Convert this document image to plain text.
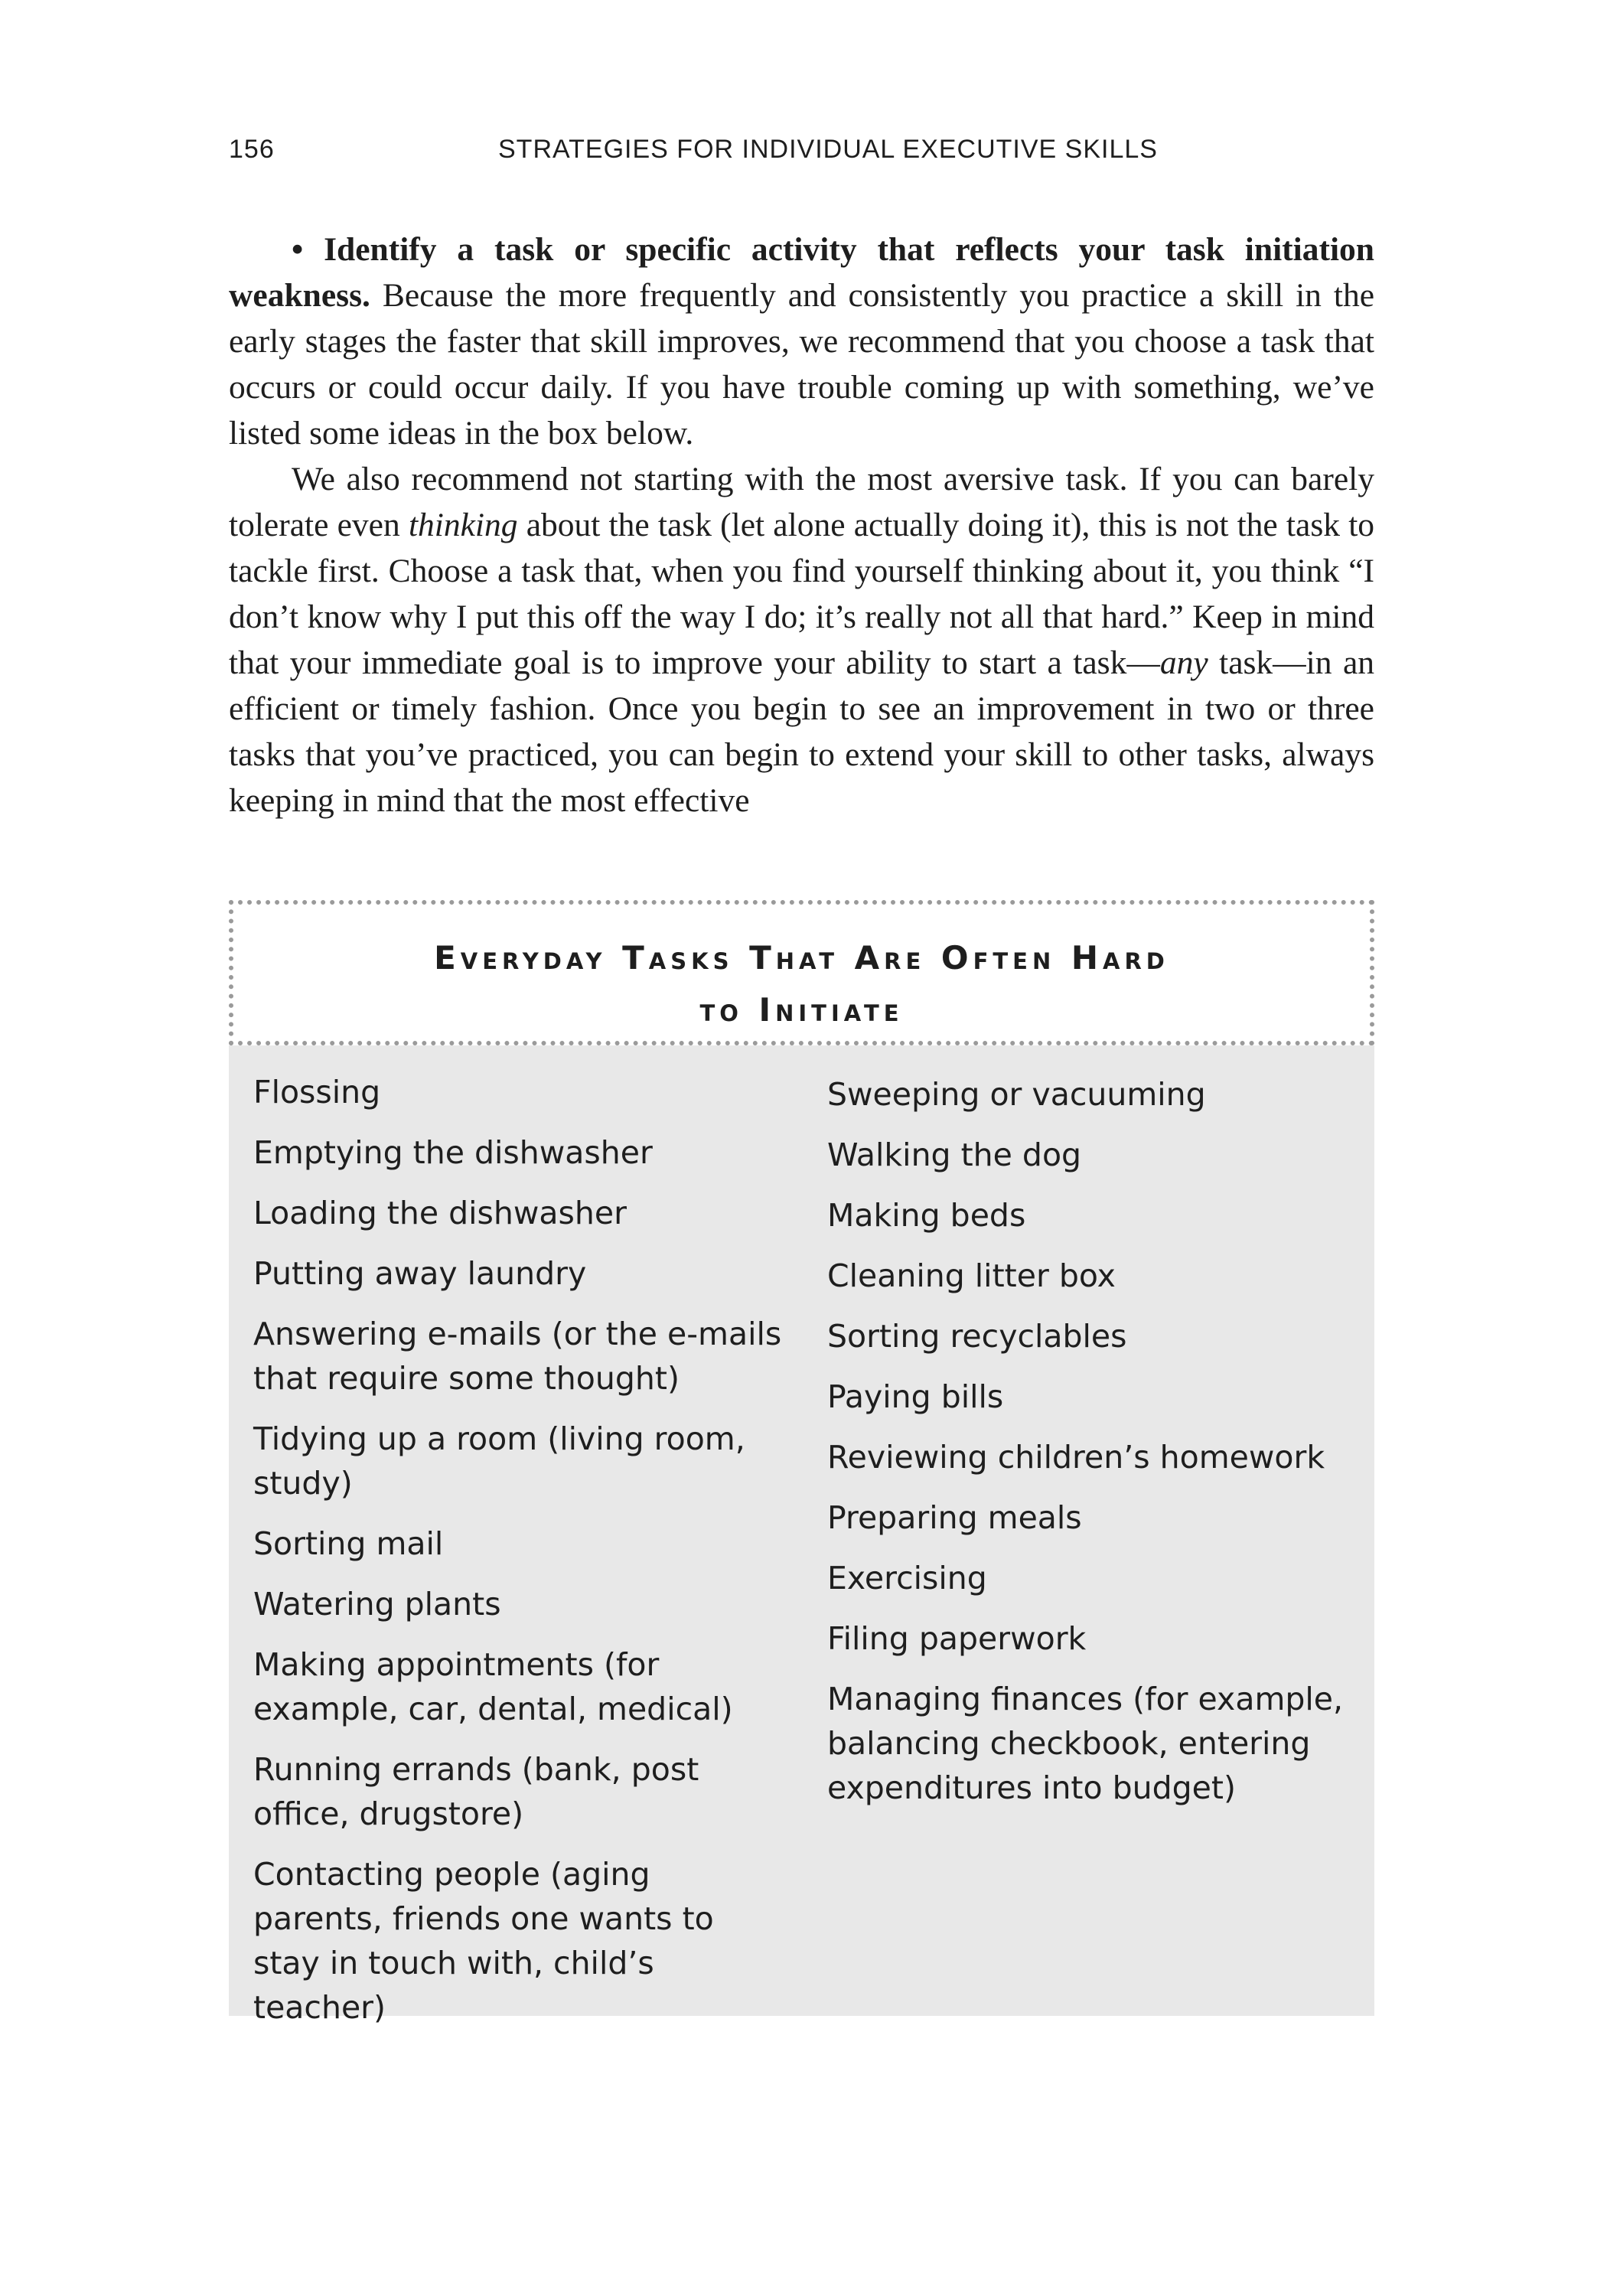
156	STRATEGIES FOR INDIVIDUAL EXECUTIVE SKILLS

• Identify a task or specific activity that reflects your task initiation weakness. Because the more frequently and consistently you practice a skill in the early stages the faster that skill improves, we recommend that you choose a task that occurs or could occur daily. If you have trouble coming up with something, we’ve listed some ideas in the box below.

We also recommend not starting with the most aversive task. If you can barely tolerate even thinking about the task (let alone actually doing it), this is not the task to tackle first. Choose a task that, when you find yourself thinking about it, you think “I don’t know why I put this off the way I do; it’s really not all that hard.” Keep in mind that your immediate goal is to improve your ability to start a task—any task—in an efficient or timely fashion. Once you begin to see an improvement in two or three tasks that you’ve practiced, you can begin to extend your skill to other tasks, always keeping in mind that the most effective

Everyday Tasks That Are Often Hard
to Initiate
Flossing
Emptying the dishwasher
Loading the dishwasher
Putting away laundry
Answering e-mails (or the e-mails that require some thought)
Tidying up a room (living room, study)
Sorting mail
Watering plants
Making appointments (for example, car, dental, medical)
Running errands (bank, post office, drugstore)
Contacting people (aging parents, friends one wants to stay in touch with, child’s teacher)
Sweeping or vacuuming
Walking the dog
Making beds
Cleaning litter box
Sorting recyclables
Paying bills
Reviewing children’s homework
Preparing meals
Exercising
Filing paperwork
Managing finances (for example, balancing checkbook, entering expenditures into budget)
